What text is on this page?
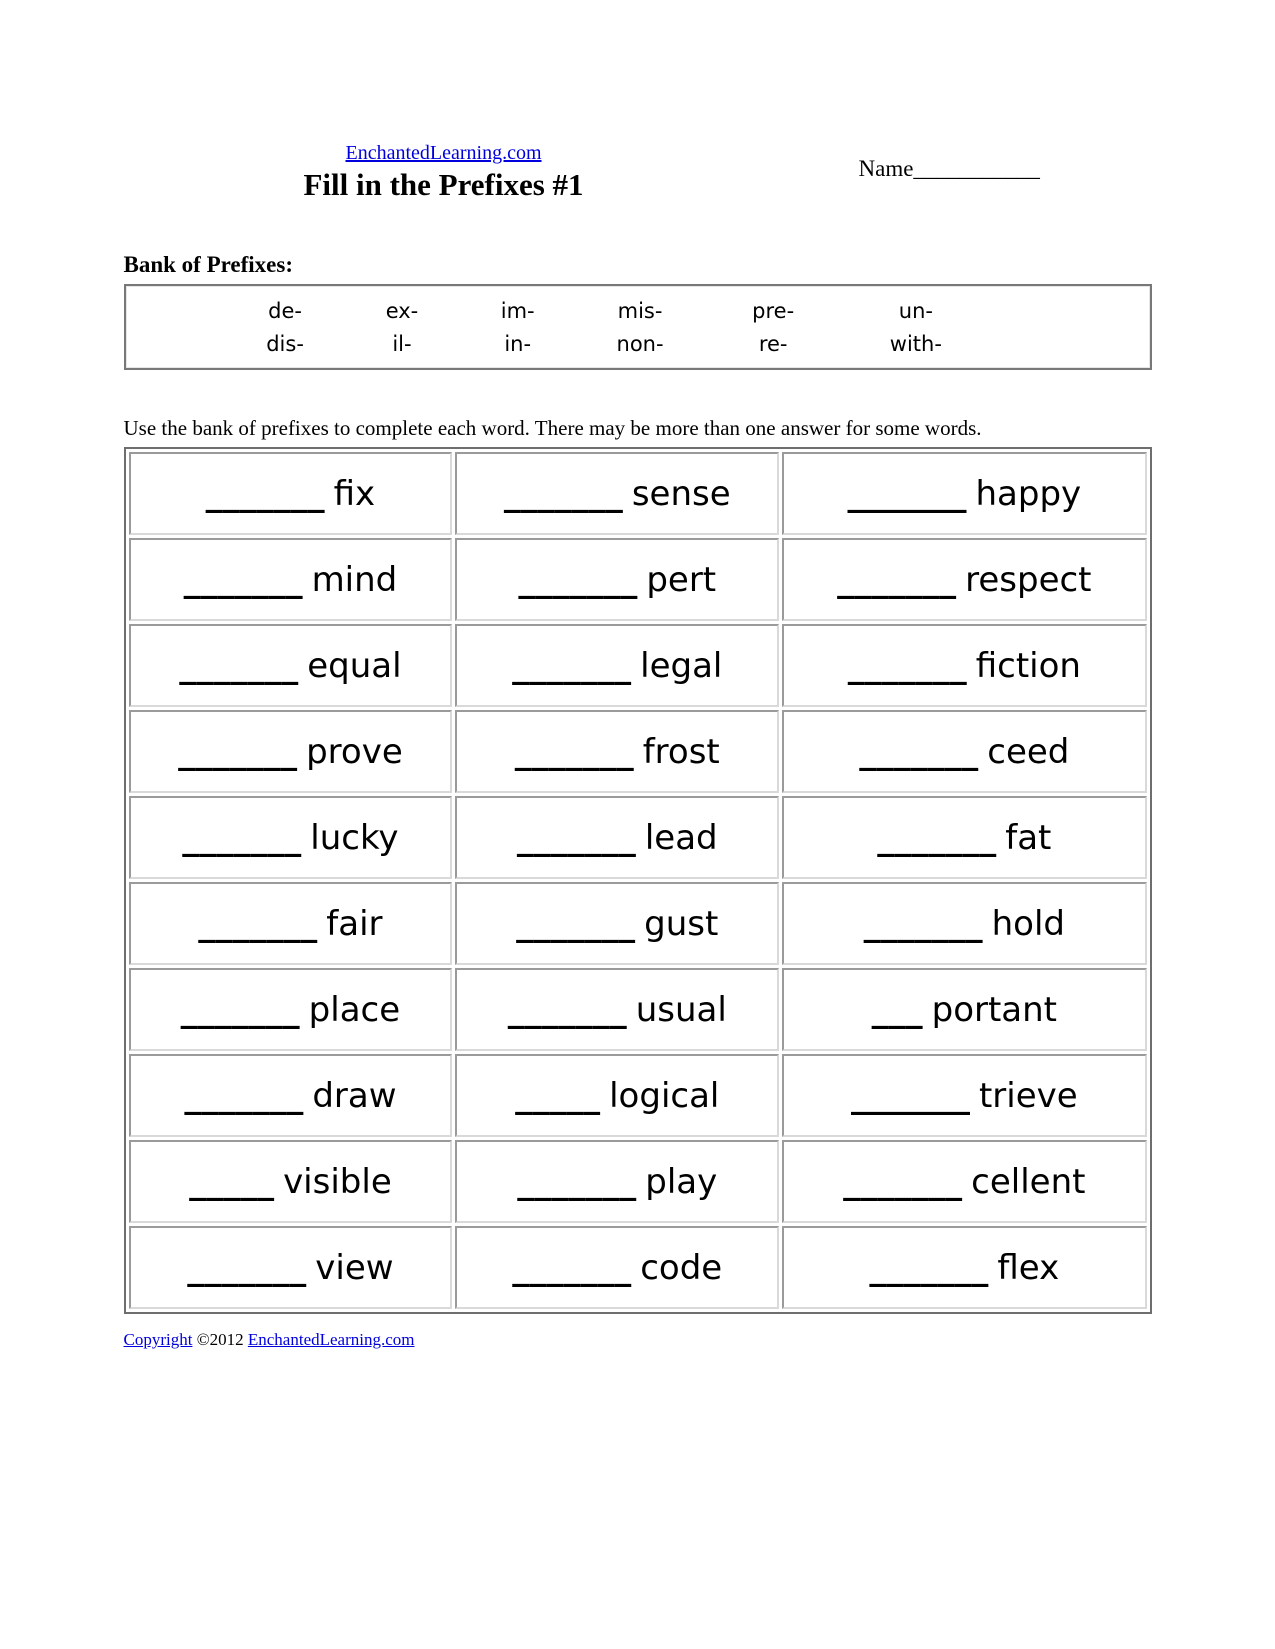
EnchantedLearning.com
Fill in the Prefixes #1	Name___________
Bank of Prefixes:
de-	ex-	im-	mis-	pre-	un-
dis-	il-	in-	non-	re-	with-
Use the bank of prefixes to complete each word. There may be more than one answer for some words.
_______ fix	_______ sense	_______ happy
_______ mind	_______ pert	_______ respect
_______ equal	_______ legal	_______ fiction
_______ prove	_______ frost	_______ ceed
_______ lucky	_______ lead	_______ fat
_______ fair	_______ gust	_______ hold
_______ place	_______ usual	___ portant
_______ draw	_____ logical	_______ trieve
_____ visible	_______ play	_______ cellent
_______ view	_______ code	_______ flex
Copyright ©2012 EnchantedLearning.com
